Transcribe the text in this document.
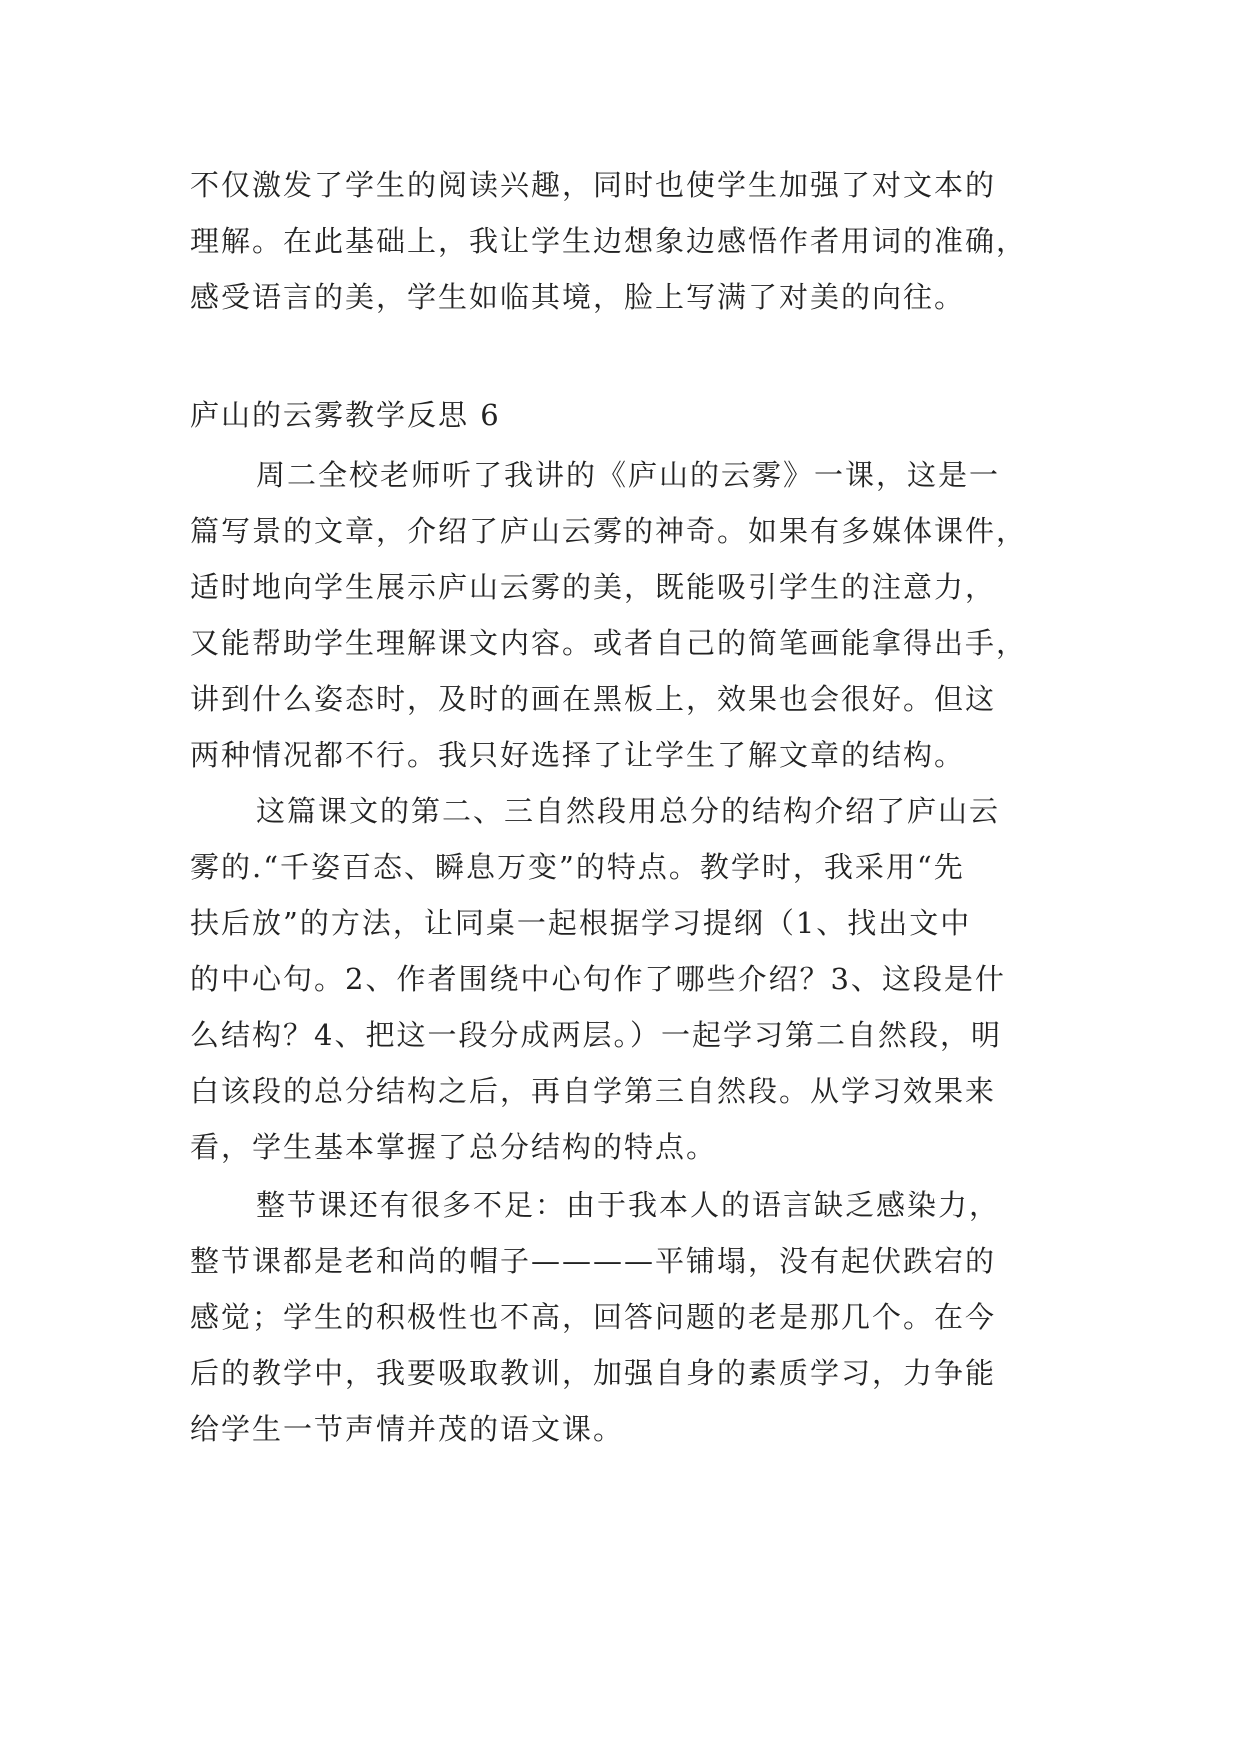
不仅激发了学生的阅读兴趣，同时也使学生加强了对文本的
理解。在此基础上，我让学生边想象边感悟作者用词的准确，
感受语言的美，学生如临其境，脸上写满了对美的向往。
庐山的云雾教学反思 6
周二全校老师听了我讲的《庐山的云雾》一课，这是一
篇写景的文章，介绍了庐山云雾的神奇。如果有多媒体课件，
适时地向学生展示庐山云雾的美，既能吸引学生的注意力，
又能帮助学生理解课文内容。或者自己的简笔画能拿得出手，
讲到什么姿态时，及时的画在黑板上，效果也会很好。但这
两种情况都不行。我只好选择了让学生了解文章的结构。
这篇课文的第二、三自然段用总分的结构介绍了庐山云
雾的.“千姿百态、瞬息万变”的特点。教学时，我采用“先
扶后放”的方法，让同桌一起根据学习提纲（1、找出文中
的中心句。2、作者围绕中心句作了哪些介绍？3、这段是什
么结构？4、把这一段分成两层。）一起学习第二自然段，明
白该段的总分结构之后，再自学第三自然段。从学习效果来
看，学生基本掌握了总分结构的特点。
整节课还有很多不足：由于我本人的语言缺乏感染力，
整节课都是老和尚的帽子————平铺塌，没有起伏跌宕的
感觉；学生的积极性也不高，回答问题的老是那几个。在今
后的教学中，我要吸取教训，加强自身的素质学习，力争能
给学生一节声情并茂的语文课。
